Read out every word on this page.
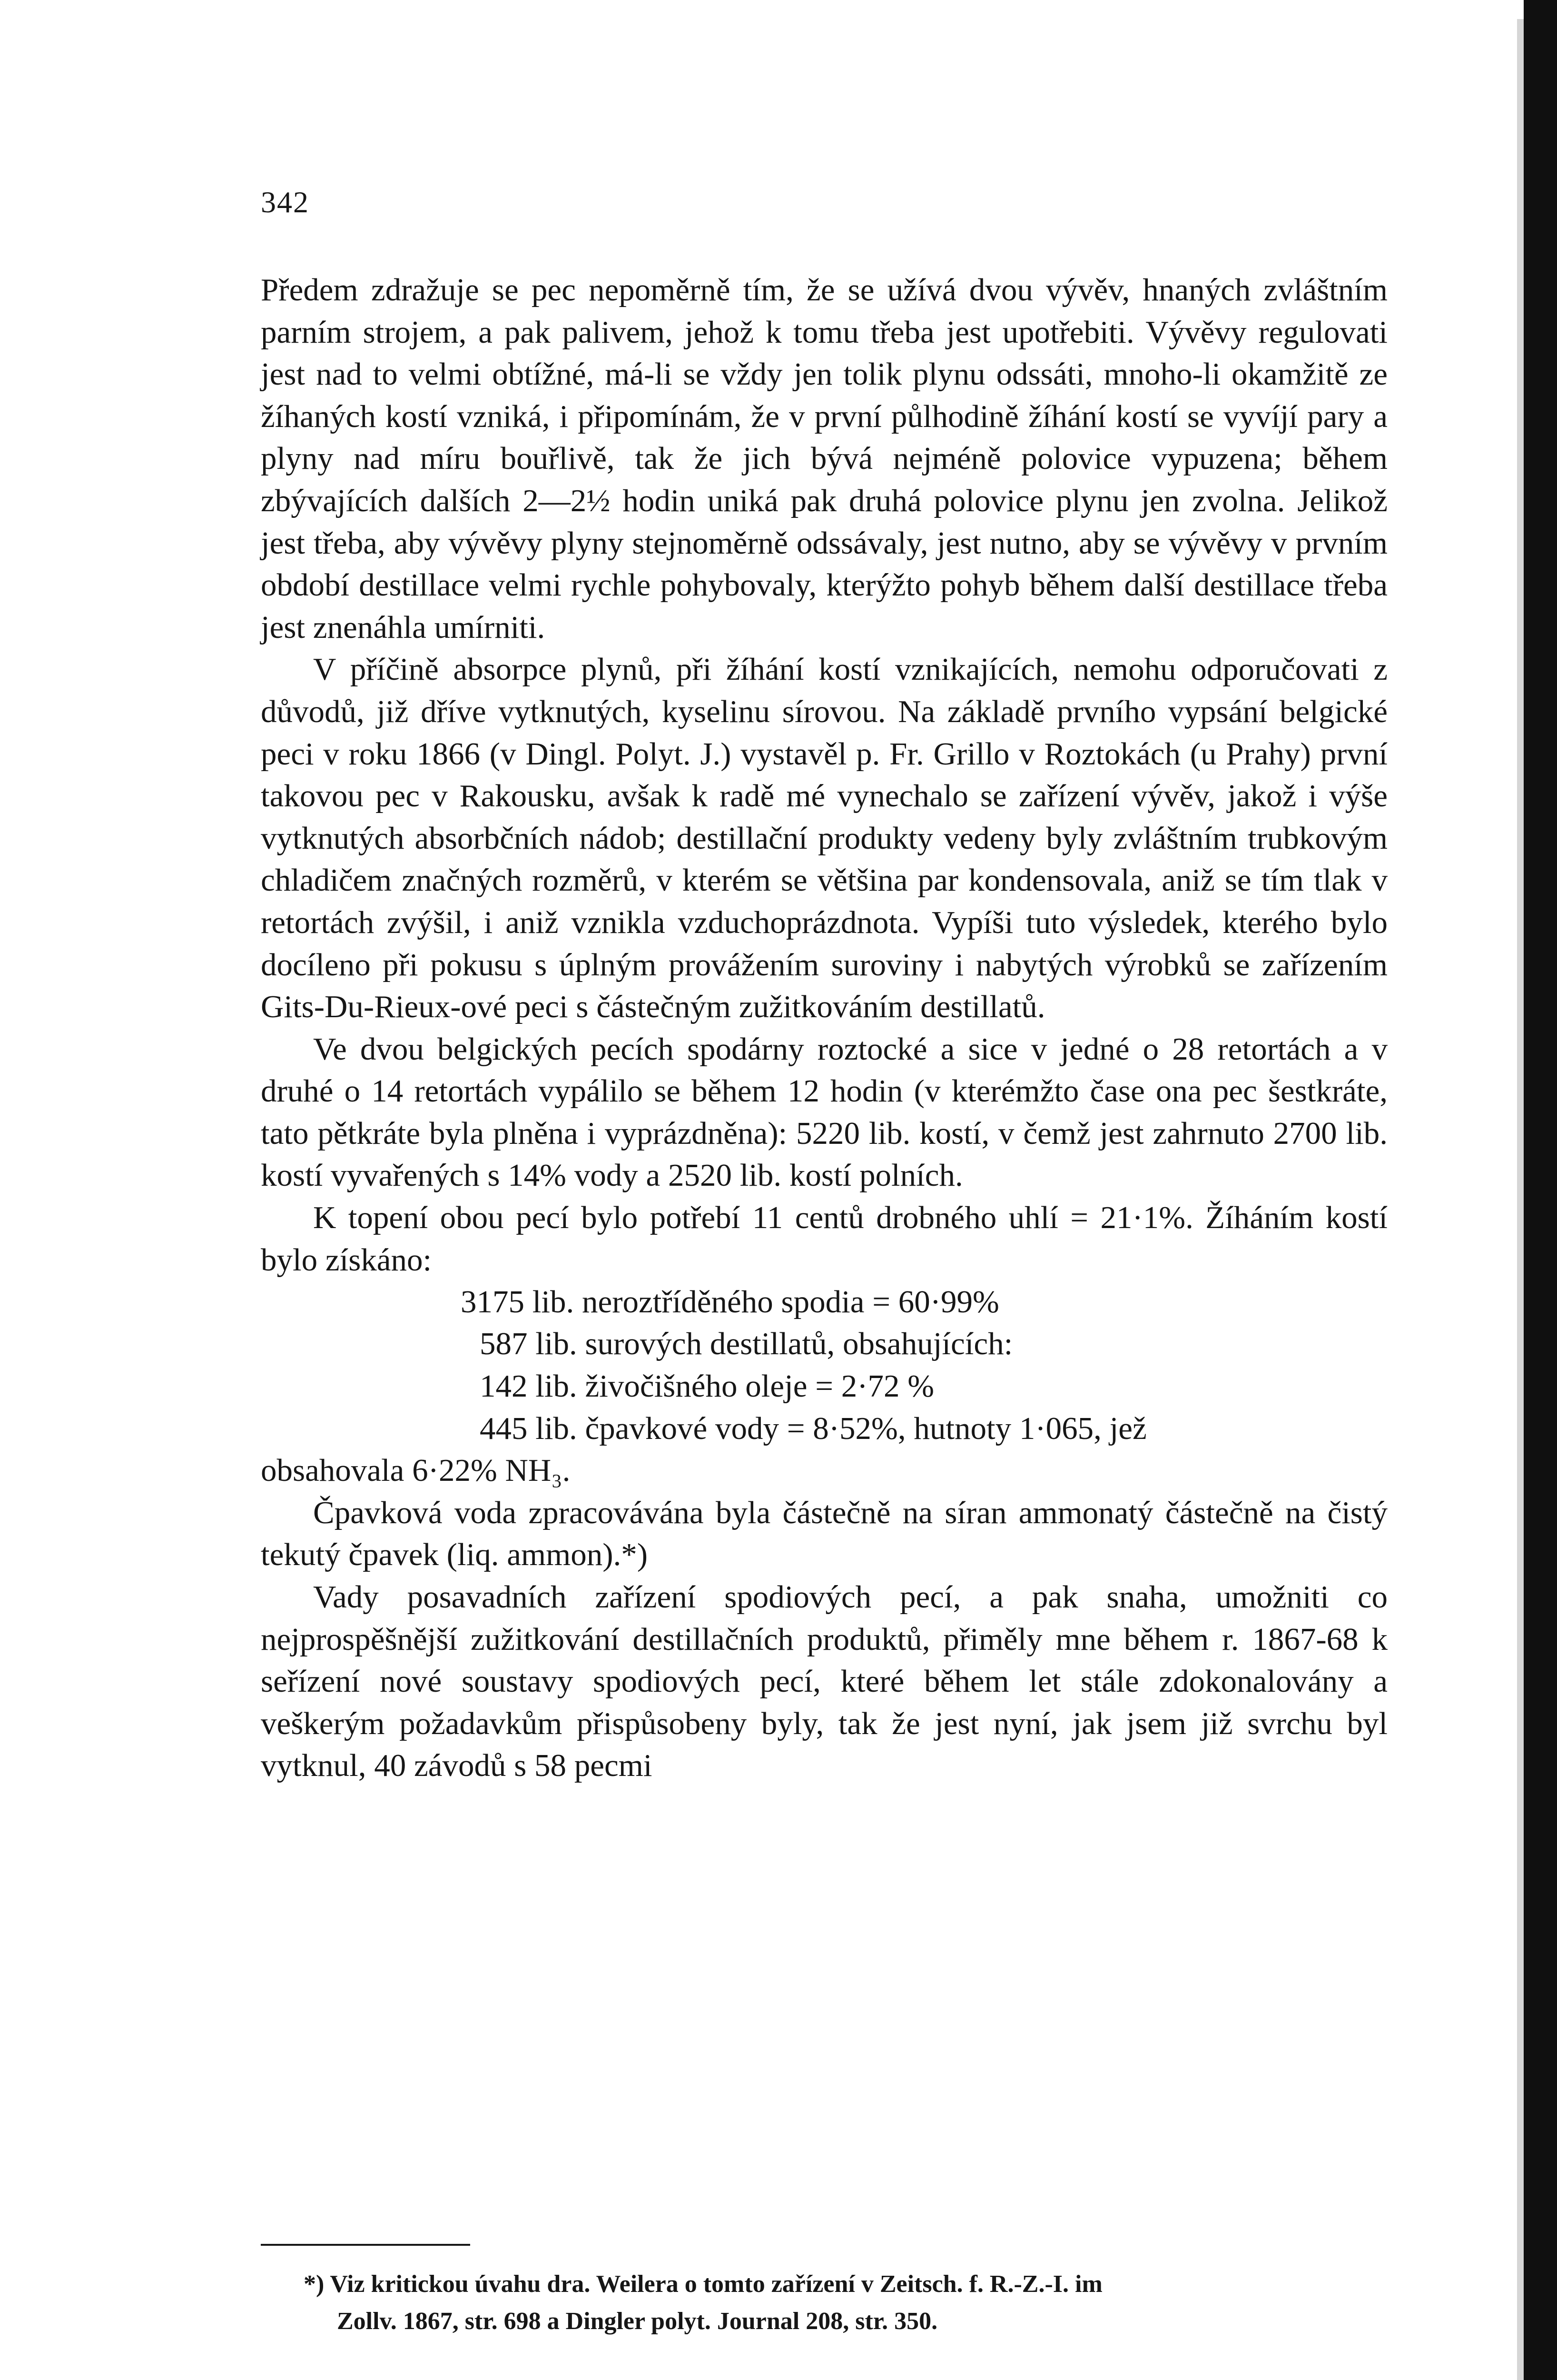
342

Předem zdražuje se pec nepoměrně tím, že se užívá dvou vývěv, hnaných zvláštním parním strojem, a pak palivem, jehož k tomu třeba jest upotřebiti. Vývěvy regulovati jest nad to velmi obtížné, má-li se vždy jen tolik plynu odssáti, mnoho-li okamžitě ze žíhaných kostí vzniká, i připomínám, že v první půlhodině žíhání kostí se vyvíjí pary a plyny nad míru bouřlivě, tak že jich bývá nejméně polovice vypuzena; během zbývajících dalších 2—2½ hodin uniká pak druhá polovice plynu jen zvolna. Jelikož jest třeba, aby vývěvy plyny stejnoměrně odssávaly, jest nutno, aby se vývěvy v prvním období destillace velmi rychle pohybovaly, kterýžto pohyb během další destillace třeba jest znenáhla umírniti.

V příčině absorpce plynů, při žíhání kostí vznikajících, nemohu odporučovati z důvodů, již dříve vytknutých, kyselinu sírovou. Na základě prvního vypsání belgické peci v roku 1866 (v Dingl. Polyt. J.) vystavěl p. Fr. Grillo v Roztokách (u Prahy) první takovou pec v Rakousku, avšak k radě mé vynechalo se zařízení vývěv, jakož i výše vytknutých absorbčních nádob; destillační produkty vedeny byly zvláštním trubkovým chladičem značných rozměrů, v kterém se většina par kondensovala, aniž se tím tlak v retortách zvýšil, i aniž vznikla vzduchoprázdnota. Vypíši tuto výsledek, kterého bylo docíleno při pokusu s úplným provážením suroviny i nabytých výrobků se zařízením Gits-Du-Rieux-ové peci s částečným zužitkováním destillatů.

Ve dvou belgických pecích spodárny roztocké a sice v jedné o 28 retortách a v druhé o 14 retortách vypálilo se během 12 hodin (v kterémžto čase ona pec šestkráte, tato pětkráte byla plněna i vyprázdněna): 5220 lib. kostí, v čemž jest zahrnuto 2700 lib. kostí vyvařených s 14% vody a 2520 lib. kostí polních.

K topení obou pecí bylo potřebí 11 centů drobného uhlí = 21·1%. Žíháním kostí bylo získáno:

3175 lib. neroztříděného spodia = 60·99%
587 lib. surových destillatů, obsahujících:
142 lib. živočišného oleje = 2·72 %
445 lib. čpavkové vody = 8·52%, hutnoty 1·065, jež

obsahovala 6·22% NH₃.

Čpavková voda zpracovávána byla částečně na síran ammonatý částečně na čistý tekutý čpavek (liq. ammon).*)

Vady posavadních zařízení spodiových pecí, a pak snaha, umožniti co nejprospěšnější zužitkování destillačních produktů, přiměly mne během r. 1867-68 k seřízení nové soustavy spodiových pecí, které během let stále zdokonalovány a veškerým požadavkům přispůsobeny byly, tak že jest nyní, jak jsem již svrchu byl vytknul, 40 závodů s 58 pecmi

*) Viz kritickou úvahu dra. Weilera o tomto zařízení v Zeitsch. f. R.-Z.-I. im
Zollv. 1867, str. 698 a Dingler polyt. Journal 208, str. 350.
